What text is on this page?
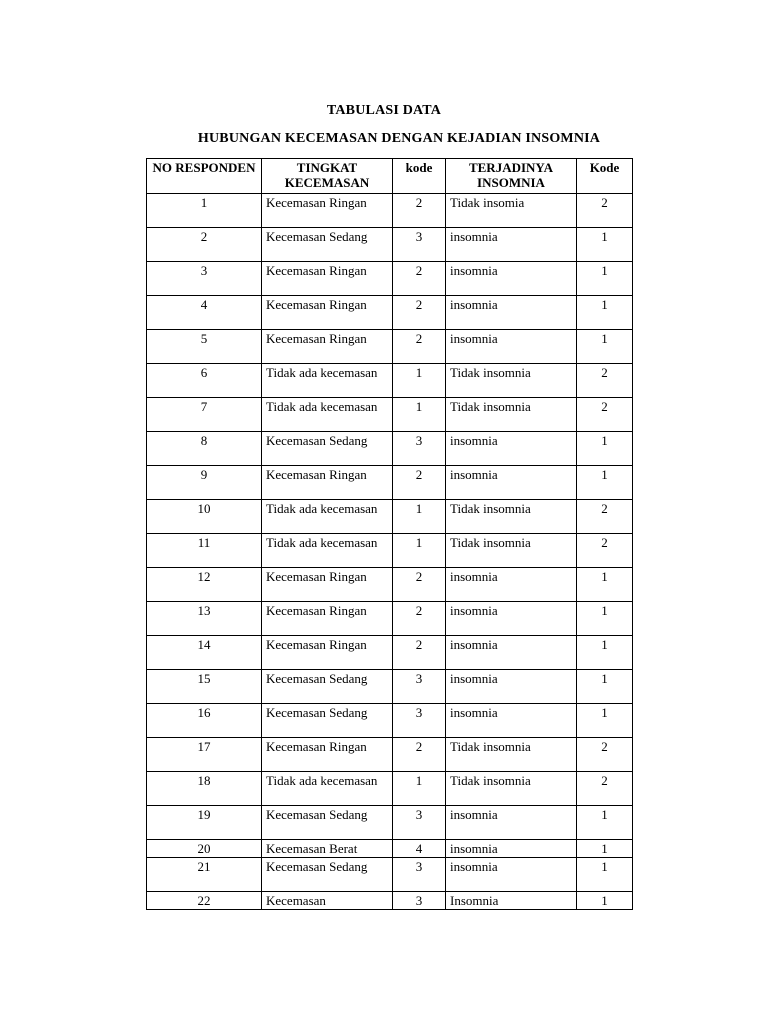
TABULASI DATA
HUBUNGAN KECEMASAN DENGAN KEJADIAN INSOMNIA
NO RESPONDEN	TINGKAT KECEMASAN	kode	TERJADINYA INSOMNIA	Kode
1	Kecemasan Ringan	2	Tidak insomia	2
2	Kecemasan Sedang	3	insomnia	1
3	Kecemasan Ringan	2	insomnia	1
4	Kecemasan Ringan	2	insomnia	1
5	Kecemasan Ringan	2	insomnia	1
6	Tidak ada kecemasan	1	Tidak insomnia	2
7	Tidak ada kecemasan	1	Tidak insomnia	2
8	Kecemasan Sedang	3	insomnia	1
9	Kecemasan Ringan	2	insomnia	1
10	Tidak ada kecemasan	1	Tidak insomnia	2
11	Tidak ada kecemasan	1	Tidak insomnia	2
12	Kecemasan Ringan	2	insomnia	1
13	Kecemasan Ringan	2	insomnia	1
14	Kecemasan Ringan	2	insomnia	1
15	Kecemasan Sedang	3	insomnia	1
16	Kecemasan Sedang	3	insomnia	1
17	Kecemasan Ringan	2	Tidak insomnia	2
18	Tidak ada kecemasan	1	Tidak insomnia	2
19	Kecemasan Sedang	3	insomnia	1
20	Kecemasan Berat	4	insomnia	1
21	Kecemasan Sedang	3	insomnia	1
22	Kecemasan	3	Insomnia	1
